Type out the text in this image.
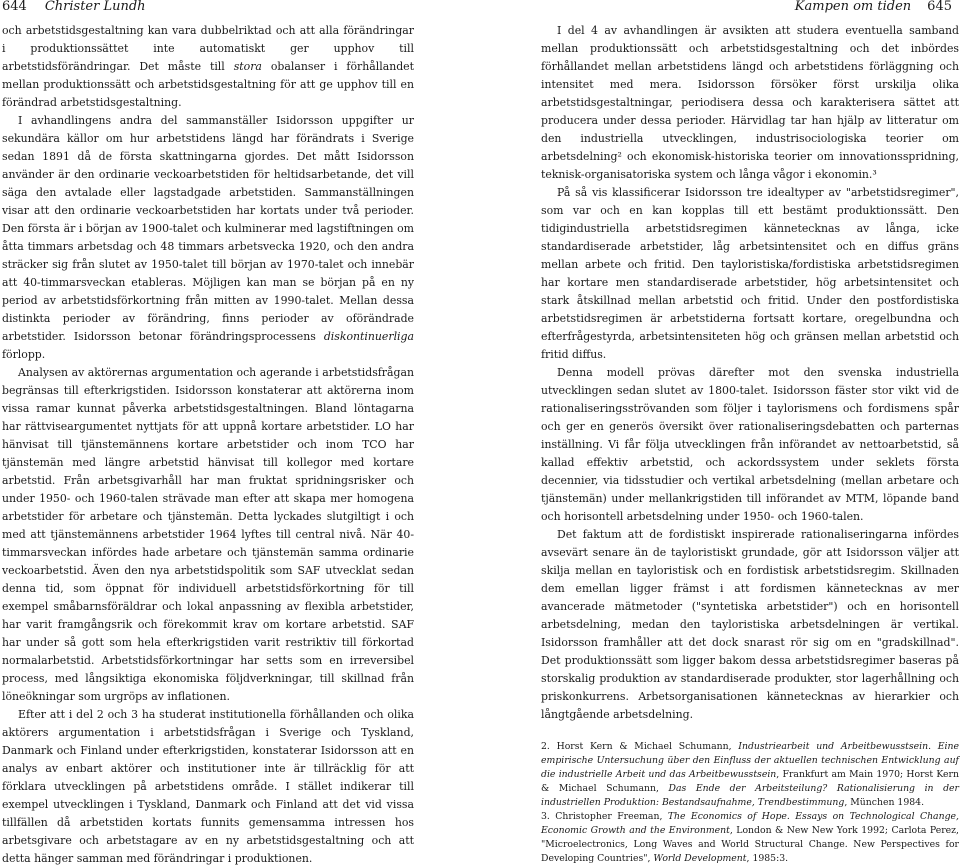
644 Christer Lundh	Kampen om tiden 645

och arbetstidsgestaltning kan vara dubbelriktad och att alla förändringar i produktionssättet inte automatiskt ger upphov till arbetstidsförändringar. Det måste till stora obalanser i förhållandet mellan produktionssätt och arbetstidsgestaltning för att ge upphov till en förändrad arbetstidsgestaltning.

I avhandlingens andra del sammanställer Isidorsson uppgifter ur sekundära källor om hur arbetstidens längd har förändrats i Sverige sedan 1891 då de första skattningarna gjordes. Det mått Isidorsson använder är den ordinarie veckoarbetstiden för heltidsarbetande, det vill säga den avtalade eller lagstadgade arbetstiden. Sammanställningen visar att den ordinarie veckoarbetstiden har kortats under två perioder. Den första är i början av 1900-talet och kulminerar med lagstiftningen om åtta timmars arbetsdag och 48 timmars arbetsvecka 1920, och den andra sträcker sig från slutet av 1950-talet till början av 1970-talet och innebär att 40-timmarsveckan etableras. Möjligen kan man se början på en ny period av arbetstidsförkortning från mitten av 1990-talet. Mellan dessa distinkta perioder av förändring, finns perioder av oförändrade arbetstider. Isidorsson betonar förändringsprocessens diskontinuerliga förlopp.

Analysen av aktörernas argumentation och agerande i arbetstidsfrågan begränsas till efterkrigstiden. Isidorsson konstaterar att aktörerna inom vissa ramar kunnat påverka arbetstidsgestaltningen. Bland löntagarna har rättviseargumentet nyttjats för att uppnå kortare arbetstider. LO har hänvisat till tjänstemännens kortare arbetstider och inom TCO har tjänstemän med längre arbetstid hänvisat till kollegor med kortare arbetstid. Från arbetsgivarhåll har man fruktat spridningsrisker och under 1950- och 1960-talen strävade man efter att skapa mer homogena arbetstider för arbetare och tjänstemän. Detta lyckades slutgiltigt i och med att tjänstemännens arbetstider 1964 lyftes till central nivå. När 40-timmarsveckan infördes hade arbetare och tjänstemän samma ordinarie veckoarbetstid. Även den nya arbetstidspolitik som SAF utvecklat sedan denna tid, som öppnat för individuell arbetstidsförkortning för till exempel småbarnsföräldrar och lokal anpassning av flexibla arbetstider, har varit framgångsrik och förekommit krav om kortare arbetstid. SAF har under så gott som hela efterkrigstiden varit restriktiv till förkortad normalarbetstid. Arbetstidsförkortningar har setts som en irreversibel process, med långsiktiga ekonomiska följdverkningar, till skillnad från löneökningar som urgröps av inflationen.

Efter att i del 2 och 3 ha studerat institutionella förhållanden och olika aktörers argumentation i arbetstidsfrågan i Sverige och Tyskland, Danmark och Finland under efterkrigstiden, konstaterar Isidorsson att en analys av enbart aktörer och institutioner inte är tillräcklig för att förklara utvecklingen på arbetstidens område. I stället indikerar till exempel utvecklingen i Tyskland, Danmark och Finland att det vid vissa tillfällen då arbetstiden kortats funnits gemensamma intressen hos arbetsgivare och arbetstagare av en ny arbetstidsgestaltning och att detta hänger samman med förändringar i produktionen.

I del 4 av avhandlingen är avsikten att studera eventuella samband mellan produktionssätt och arbetstidsgestaltning och det inbördes förhållandet mellan arbetstidens längd och arbetstidens förläggning och intensitet med mera. Isidorsson försöker först urskilja olika arbetstidsgestaltningar, periodisera dessa och karakterisera sättet att producera under dessa perioder. Härvidlag tar han hjälp av litteratur om den industriella utvecklingen, industrisociologiska teorier om arbetsdelning² och ekonomisk-historiska teorier om innovationsspridning, teknisk-organisatoriska system och långa vågor i ekonomin.³

På så vis klassificerar Isidorsson tre idealtyper av "arbetstidsregimer", som var och en kan kopplas till ett bestämt produktionssätt. Den tidigindustriella arbetstidsregimen kännetecknas av långa, icke standardiserade arbetstider, låg arbetsintensitet och en diffus gräns mellan arbete och fritid. Den tayloristiska/fordistiska arbetstidsregimen har kortare men standardiserade arbetstider, hög arbetsintensitet och stark åtskillnad mellan arbetstid och fritid. Under den postfordistiska arbetstidsregimen är arbetstiderna fortsatt kortare, oregelbundna och efterfrågestyrda, arbetsintensiteten hög och gränsen mellan arbetstid och fritid diffus.

Denna modell prövas därefter mot den svenska industriella utvecklingen sedan slutet av 1800-talet. Isidorsson fäster stor vikt vid de rationaliseringsströvanden som följer i taylorismens och fordismens spår och ger en generös översikt över rationaliseringsdebatten och parternas inställning. Vi får följa utvecklingen från införandet av nettoarbetstid, så kallad effektiv arbetstid, och ackordssystem under seklets första decennier, via tidsstudier och vertikal arbetsdelning (mellan arbetare och tjänstemän) under mellankrigstiden till införandet av MTM, löpande band och horisontell arbetsdelning under 1950- och 1960-talen.

Det faktum att de fordistiskt inspirerade rationaliseringarna infördes avsevärt senare än de tayloristiskt grundade, gör att Isidorsson väljer att skilja mellan en tayloristisk och en fordistisk arbetstidsregim. Skillnaden dem emellan ligger främst i att fordismen kännetecknas av mer avancerade mätmetoder ("syntetiska arbetstider") och en horisontell arbetsdelning, medan den tayloristiska arbetsdelningen är vertikal. Isidorsson framhåller att det dock snarast rör sig om en "gradskillnad". Det produktionssätt som ligger bakom dessa arbetstidsregimer baseras på storskalig produktion av standardiserade produkter, stor lagerhållning och priskonkurrens. Arbetsorganisationen kännetecknas av hierarkier och långtgående arbetsdelning.

2. Horst Kern & Michael Schumann, Industriearbeit und Arbeitbewusstsein. Eine empirische Untersuchung über den Einfluss der aktuellen technischen Entwicklung auf die industrielle Arbeit und das Arbeitbewusstsein, Frankfurt am Main 1970; Horst Kern & Michael Schumann, Das Ende der Arbeitsteilung? Rationalisierung in der industriellen Produktion: Bestandsaufnahme, Trendbestimmung, München 1984.

3. Christopher Freeman, The Economics of Hope. Essays on Technological Change, Economic Growth and the Environment, London & New New York 1992; Carlota Perez, "Microelectronics, Long Waves and World Structural Change. New Perspectives for Developing Countries", World Development, 1985:3.
